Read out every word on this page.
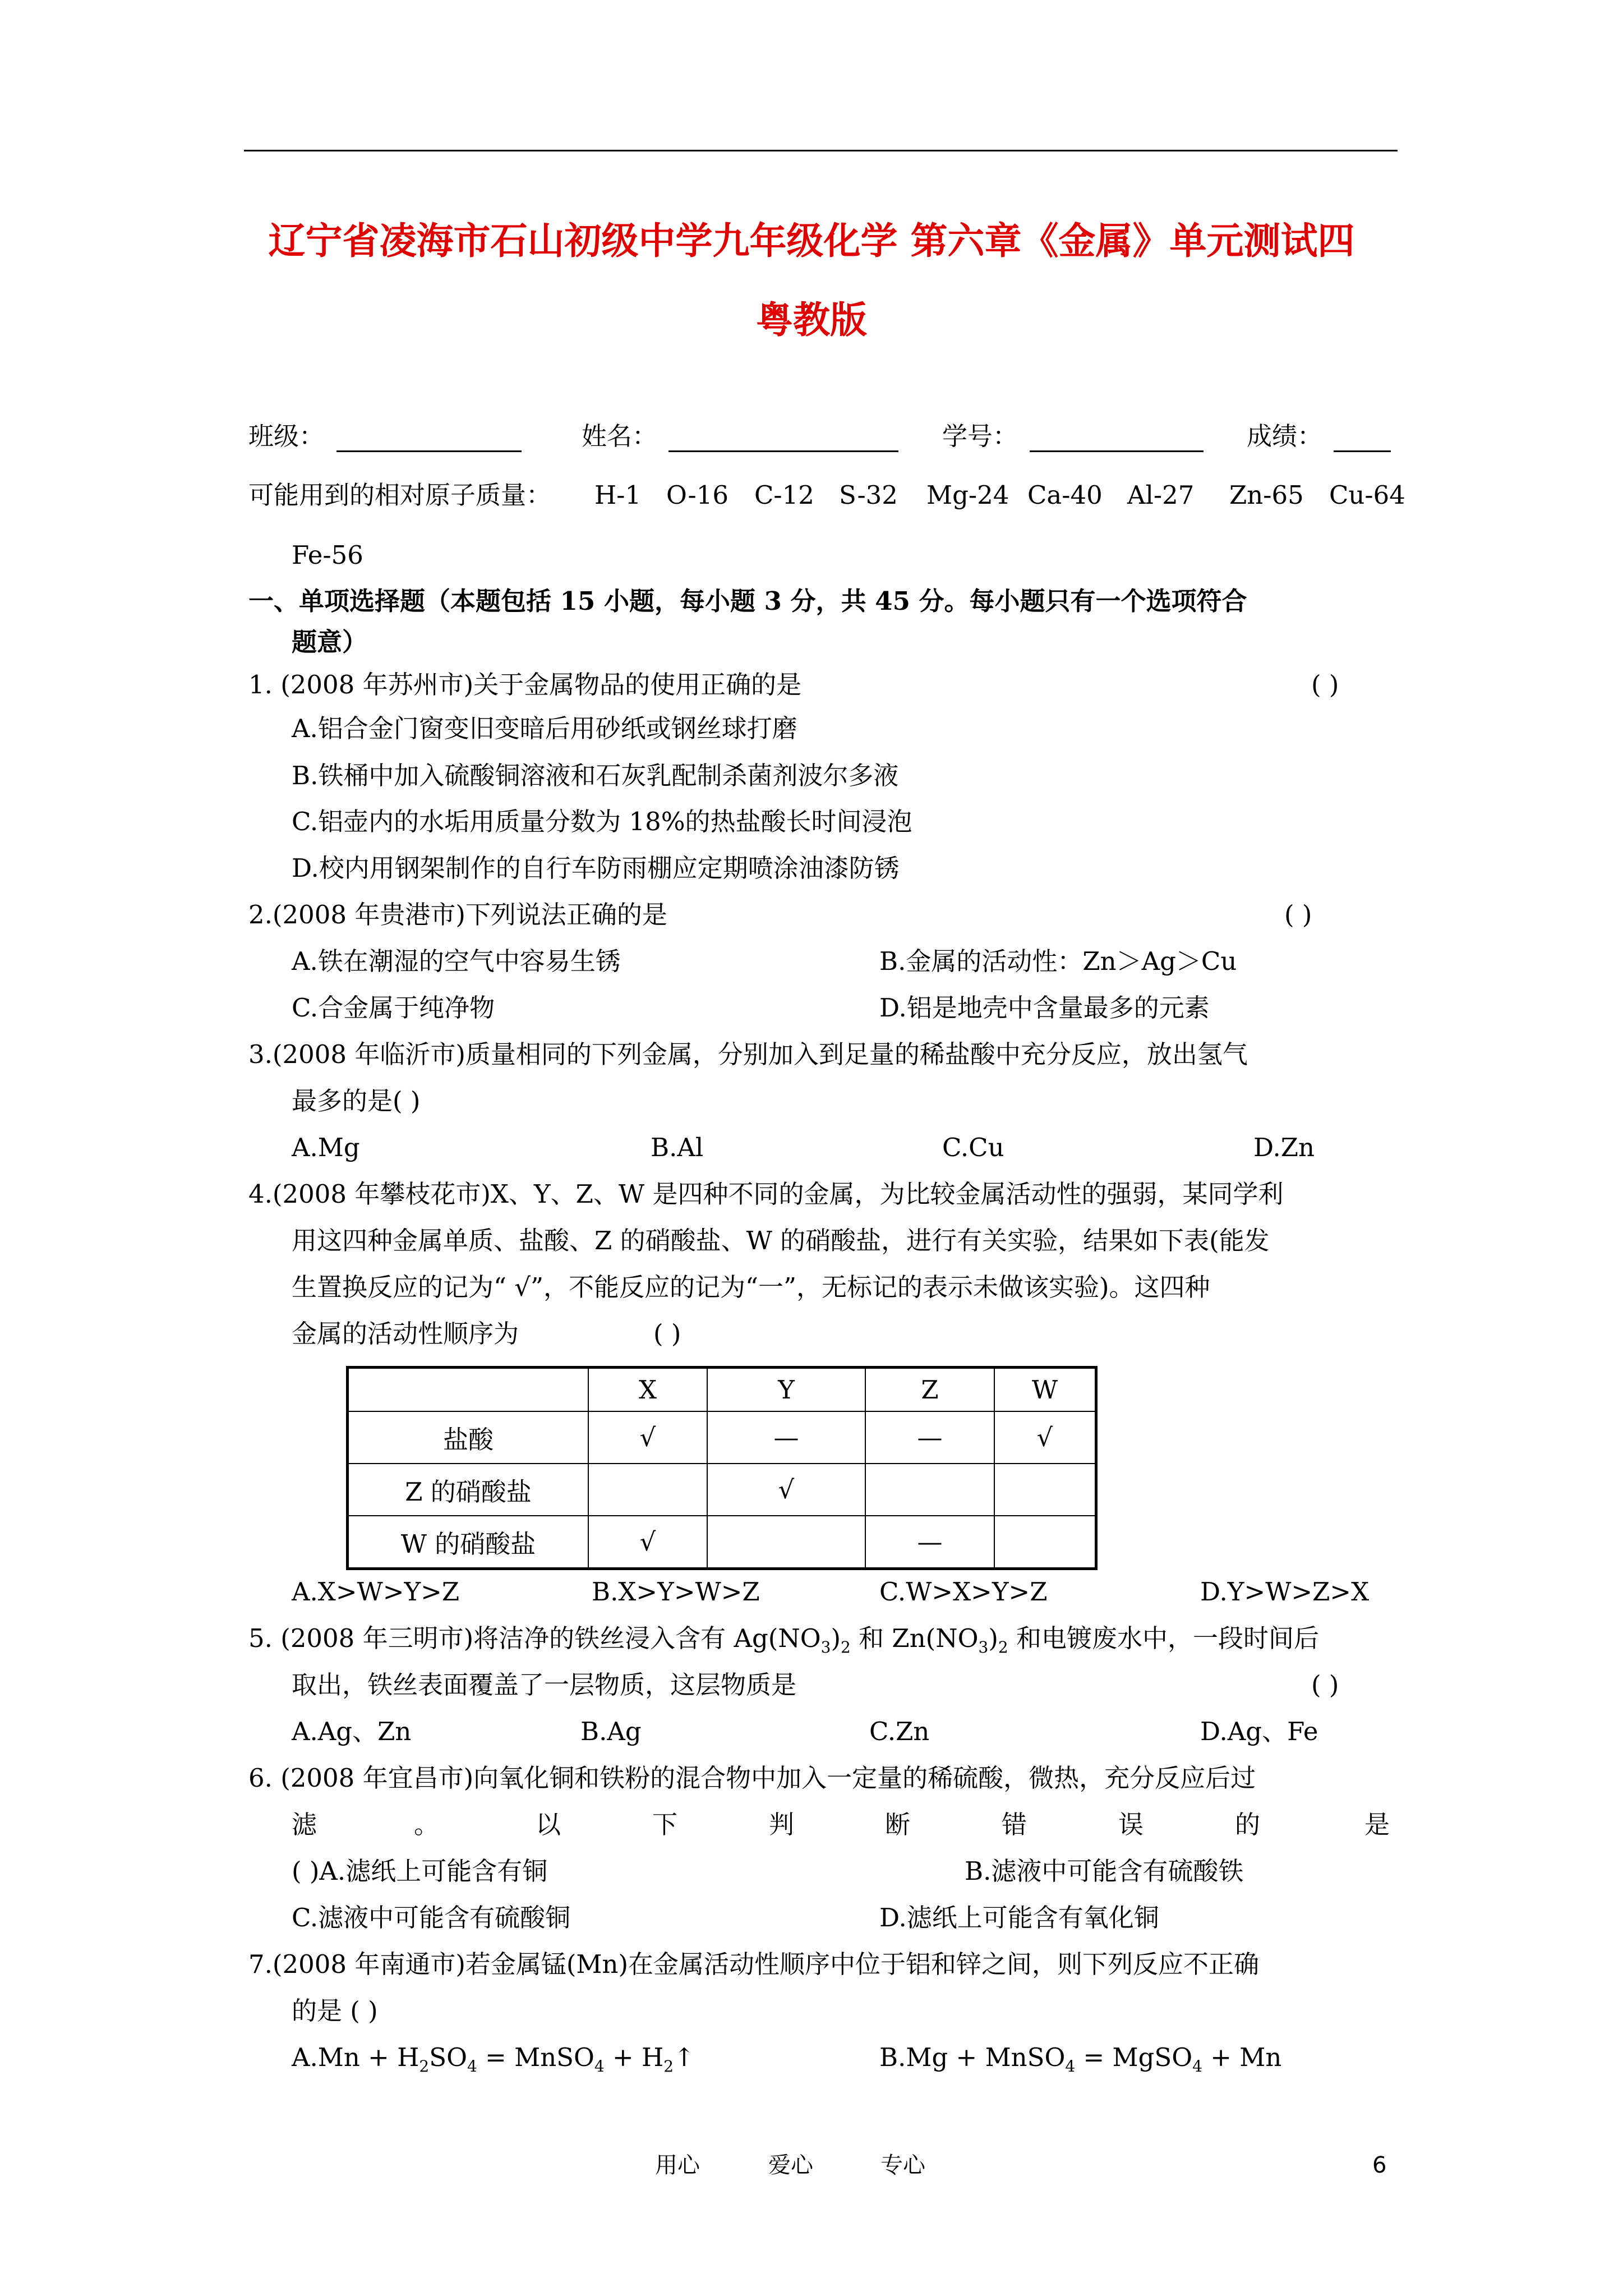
辽宁省凌海市石山初级中学九年级化学 第六章《金属》单元测试四
粤教版
班级：	姓名：	学号：	成绩：
可能用到的相对原子质量： H-1 O-16 C-12 S-32 Mg-24 Ca-40 Al-27 Zn-65 Cu-64
Fe-56
一、单项选择题（本题包括 15 小题，每小题 3 分，共 45 分。每小题只有一个选项符合
题意）
1. (2008 年苏州市)关于金属物品的使用正确的是	( )
A.铝合金门窗变旧变暗后用砂纸或钢丝球打磨
B.铁桶中加入硫酸铜溶液和石灰乳配制杀菌剂波尔多液
C.铝壶内的水垢用质量分数为 18%的热盐酸长时间浸泡
D.校内用钢架制作的自行车防雨棚应定期喷涂油漆防锈
2.(2008 年贵港市)下列说法正确的是	( )
A.铁在潮湿的空气中容易生锈	B.金属的活动性：Zn＞Ag＞Cu
C.合金属于纯净物	D.铝是地壳中含量最多的元素
3.(2008 年临沂市)质量相同的下列金属，分别加入到足量的稀盐酸中充分反应，放出氢气
最多的是( )
A.Mg	B.Al	C.Cu	D.Zn
4.(2008 年攀枝花市)X、Y、Z、W 是四种不同的金属，为比较金属活动性的强弱，某同学利
用这四种金属单质、盐酸、Z 的硝酸盐、W 的硝酸盐，进行有关实验，结果如下表(能发
生置换反应的记为“ √”，不能反应的记为“一”，无标记的表示未做该实验)。这四种
金属的活动性顺序为	( )
	X	Y	Z	W
盐酸	√	—	—	√
Z 的硝酸盐		√		
W 的硝酸盐	√		—	
A.X>W>Y>Z	B.X>Y>W>Z	C.W>X>Y>Z	D.Y>W>Z>X
5. (2008 年三明市)将洁净的铁丝浸入含有 $Ag(NO_3)_2$ 和 $Zn(NO_3)_2$ 和电镀废水中，一段时间后
取出，铁丝表面覆盖了一层物质，这层物质是	( )
A.Ag、Zn	B.Ag	C.Zn	D.Ag、Fe
6. (2008 年宜昌市)向氧化铜和铁粉的混合物中加入一定量的稀硫酸，微热，充分反应后过
滤	。	以	下	判	断	错	误	的	是
( )A.滤纸上可能含有铜	B.滤液中可能含有硫酸铁
C.滤液中可能含有硫酸铜	D.滤纸上可能含有氧化铜
7.(2008 年南通市)若金属锰(Mn)在金属活动性顺序中位于铝和锌之间，则下列反应不正确
的是 ( )
$A.Mn + H_2SO_4$ = MnSO$_4$ + $H_2↑$	B.Mg + MnSO$_4$ = MgSO$_4$ + Mn
用心	爱心	专心	6
